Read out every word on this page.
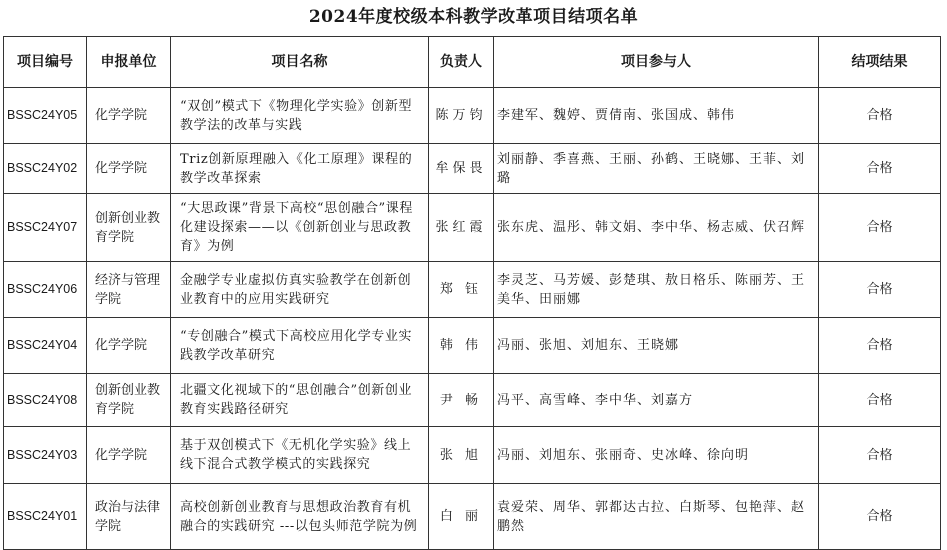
2024年度校级本科教学改革项目结项名单
项目编号	申报单位	项目名称	负责人	项目参与人	结项结果
BSSC24Y05	化学学院	“双创”模式下《物理化学实验》创新型教学法的改革与实践	陈万钧	李建军、魏婷、贾倩南、张国成、韩伟	合格
BSSC24Y02	化学学院	Triz创新原理融入《化工原理》课程的教学改革探索	牟保畏	刘丽静、季喜燕、王丽、孙鹤、王晓娜、王菲、刘璐	合格
BSSC24Y07	创新创业教育学院	“大思政课”背景下高校“思创融合”课程化建设探索——以《创新创业与思政教育》为例	张红霞	张东虎、温彤、韩文娟、李中华、杨志威、伏召辉	合格
BSSC24Y06	经济与管理学院	金融学专业虚拟仿真实验教学在创新创业教育中的应用实践研究	郑 钰	李灵芝、马芳媛、彭楚琪、敖日格乐、陈丽芳、王美华、田丽娜	合格
BSSC24Y04	化学学院	“专创融合”模式下高校应用化学专业实践教学改革研究	韩 伟	冯丽、张旭、刘旭东、王晓娜	合格
BSSC24Y08	创新创业教育学院	北疆文化视域下的“思创融合”创新创业教育实践路径研究	尹 畅	冯平、高雪峰、李中华、刘嘉方	合格
BSSC24Y03	化学学院	基于双创模式下《无机化学实验》线上线下混合式教学模式的实践探究	张 旭	冯丽、刘旭东、张丽奇、史冰峰、徐向明	合格
BSSC24Y01	政治与法律学院	高校创新创业教育与思想政治教育有机融合的实践研究 ---以包头师范学院为例	白 丽	袁爱荣、周华、郭都达古拉、白斯琴、包艳萍、赵鹏然	合格
